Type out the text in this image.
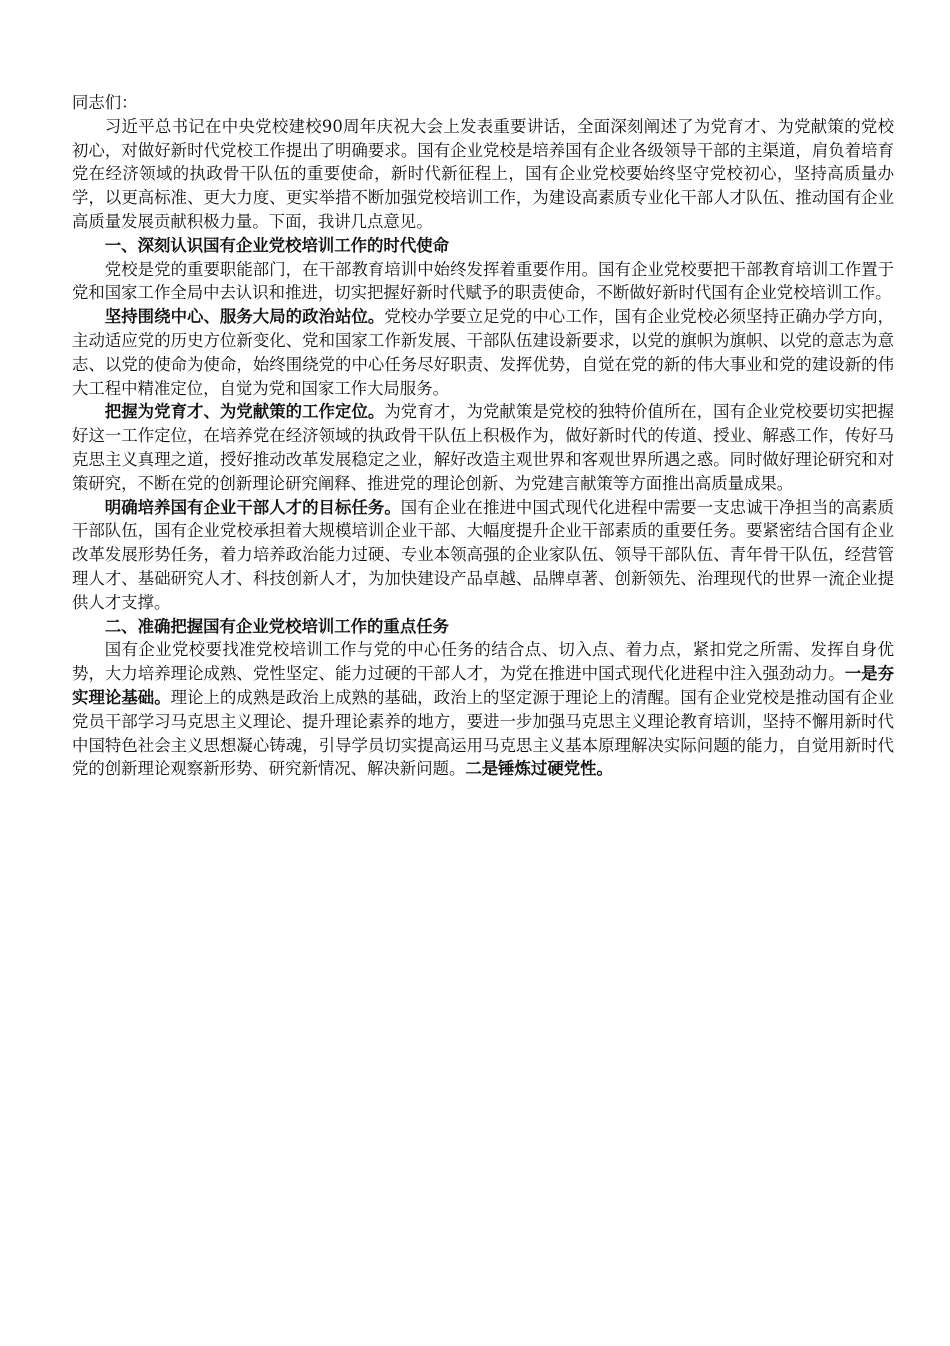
同志们：

习近平总书记在中央党校建校90周年庆祝大会上发表重要讲话，全面深刻阐述了为党育才、为党献策的党校初心，对做好新时代党校工作提出了明确要求。国有企业党校是培养国有企业各级领导干部的主渠道，肩负着培育党在经济领域的执政骨干队伍的重要使命，新时代新征程上，国有企业党校要始终坚守党校初心，坚持高质量办学，以更高标准、更大力度、更实举措不断加强党校培训工作，为建设高素质专业化干部人才队伍、推动国有企业高质量发展贡献积极力量。下面，我讲几点意见。

一、深刻认识国有企业党校培训工作的时代使命

党校是党的重要职能部门，在干部教育培训中始终发挥着重要作用。国有企业党校要把干部教育培训工作置于党和国家工作全局中去认识和推进，切实把握好新时代赋予的职责使命，不断做好新时代国有企业党校培训工作。

坚持围绕中心、服务大局的政治站位。党校办学要立足党的中心工作，国有企业党校必须坚持正确办学方向，主动适应党的历史方位新变化、党和国家工作新发展、干部队伍建设新要求，以党的旗帜为旗帜、以党的意志为意志、以党的使命为使命，始终围绕党的中心任务尽好职责、发挥优势，自觉在党的新的伟大事业和党的建设新的伟大工程中精准定位，自觉为党和国家工作大局服务。

把握为党育才、为党献策的工作定位。为党育才，为党献策是党校的独特价值所在，国有企业党校要切实把握好这一工作定位，在培养党在经济领域的执政骨干队伍上积极作为，做好新时代的传道、授业、解惑工作，传好马克思主义真理之道，授好推动改革发展稳定之业，解好改造主观世界和客观世界所遇之惑。同时做好理论研究和对策研究，不断在党的创新理论研究阐释、推进党的理论创新、为党建言献策等方面推出高质量成果。

明确培养国有企业干部人才的目标任务。国有企业在推进中国式现代化进程中需要一支忠诚干净担当的高素质干部队伍，国有企业党校承担着大规模培训企业干部、大幅度提升企业干部素质的重要任务。要紧密结合国有企业改革发展形势任务，着力培养政治能力过硬、专业本领高强的企业家队伍、领导干部队伍、青年骨干队伍，经营管理人才、基础研究人才、科技创新人才，为加快建设产品卓越、品牌卓著、创新领先、治理现代的世界一流企业提供人才支撑。

二、准确把握国有企业党校培训工作的重点任务

国有企业党校要找准党校培训工作与党的中心任务的结合点、切入点、着力点，紧扣党之所需、发挥自身优势，大力培养理论成熟、党性坚定、能力过硬的干部人才，为党在推进中国式现代化进程中注入强劲动力。一是夯实理论基础。理论上的成熟是政治上成熟的基础，政治上的坚定源于理论上的清醒。国有企业党校是推动国有企业党员干部学习马克思主义理论、提升理论素养的地方，要进一步加强马克思主义理论教育培训，坚持不懈用新时代中国特色社会主义思想凝心铸魂，引导学员切实提高运用马克思主义基本原理解决实际问题的能力，自觉用新时代党的创新理论观察新形势、研究新情况、解决新问题。二是锤炼过硬党性。
